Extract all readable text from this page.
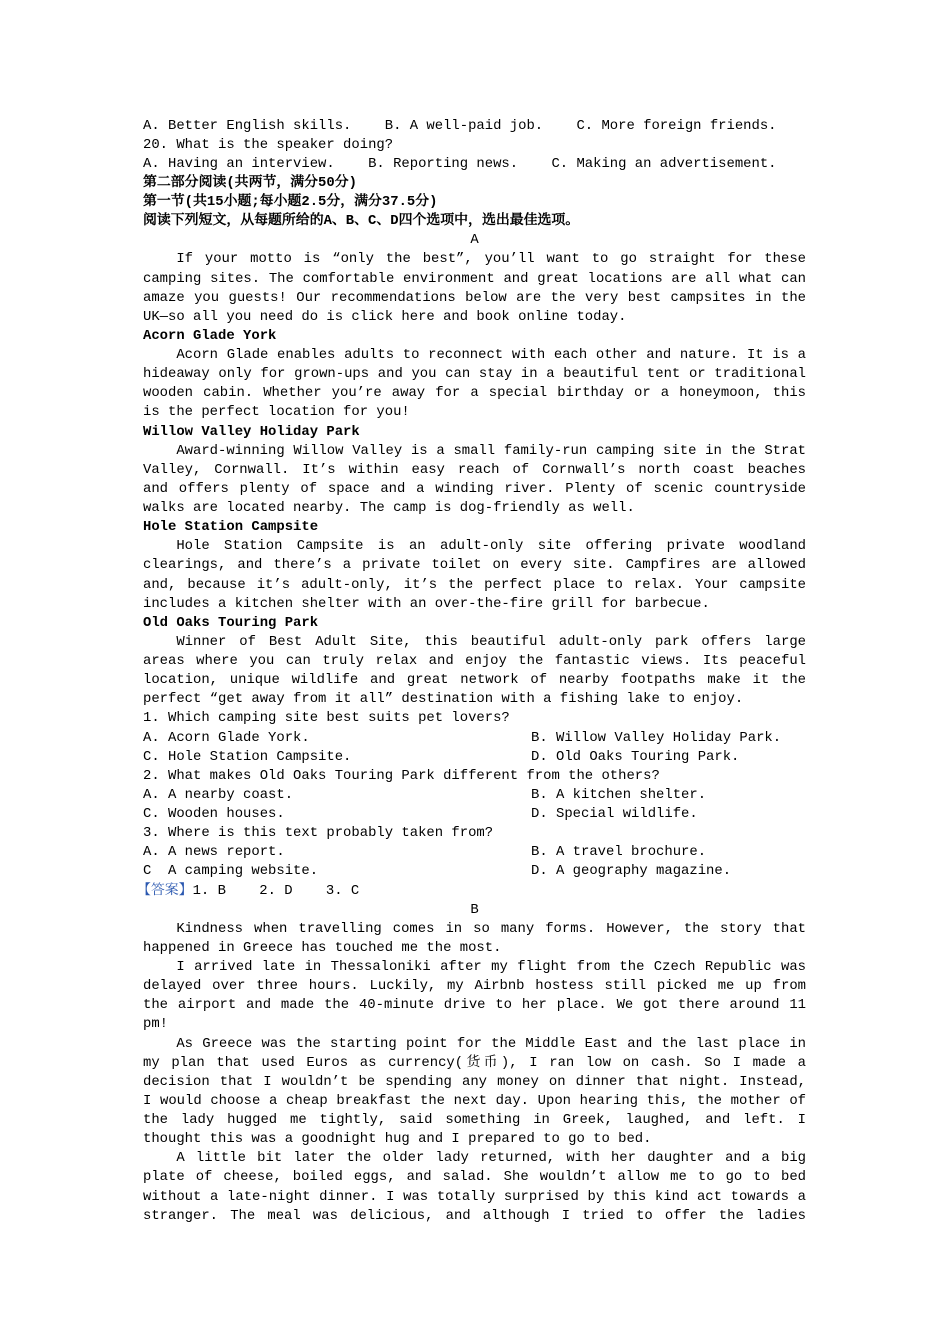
A. Better English skills. B. A well-paid job. C. More foreign friends.
20. What is the speaker doing?
A. Having an interview. B. Reporting news. C. Making an advertisement.
第二部分阅读(共两节，满分50分)
第一节(共15小题;每小题2.5分，满分37.5分)
阅读下列短文，从每题所给的A、B、C、D四个选项中，选出最佳选项。
A
If your motto is “only the best”, you’ll want to go straight for these
camping sites. The comfortable environment and great locations are all what can
amaze you guests! Our recommendations below are the very best campsites in the
UK—so all you need do is click here and book online today.
Acorn Glade York
Acorn Glade enables adults to reconnect with each other and nature. It is a
hideaway only for grown-ups and you can stay in a beautiful tent or traditional
wooden cabin. Whether you’re away for a special birthday or a honeymoon, this
is the perfect location for you!
Willow Valley Holiday Park
Award-winning Willow Valley is a small family-run camping site in the Strat
Valley, Cornwall. It’s within easy reach of Cornwall’s north coast beaches
and offers plenty of space and a winding river. Plenty of scenic countryside
walks are located nearby. The camp is dog-friendly as well.
Hole Station Campsite
Hole Station Campsite is an adult-only site offering private woodland
clearings, and there’s a private toilet on every site. Campfires are allowed
and, because it’s adult-only, it’s the perfect place to relax. Your campsite
includes a kitchen shelter with an over-the-fire grill for barbecue.
Old Oaks Touring Park
Winner of Best Adult Site, this beautiful adult-only park offers large
areas where you can truly relax and enjoy the fantastic views. Its peaceful
location, unique wildlife and great network of nearby footpaths make it the
perfect “get away from it all” destination with a fishing lake to enjoy.
1. Which camping site best suits pet lovers?
A. Acorn Glade York.	B. Willow Valley Holiday Park.
C. Hole Station Campsite.	D. Old Oaks Touring Park.
2. What makes Old Oaks Touring Park different from the others?
A. A nearby coast.	B. A kitchen shelter.
C. Wooden houses.	D. Special wildlife.
3. Where is this text probably taken from?
A. A news report.	B. A travel brochure.
C  A camping website.	D. A geography magazine.
【答案】1. B 2. D 3. C
B
Kindness when travelling comes in so many forms. However, the story that
happened in Greece has touched me the most.
I arrived late in Thessaloniki after my flight from the Czech Republic was
delayed over three hours. Luckily, my Airbnb hostess still picked me up from
the airport and made the 40-minute drive to her place. We got there around 11
pm!
As Greece was the starting point for the Middle East and the last place in
my plan that used Euros as currency(货币), I ran low on cash. So I made a
decision that I wouldn’t be spending any money on dinner that night. Instead,
I would choose a cheap breakfast the next day. Upon hearing this, the mother of
the lady hugged me tightly, said something in Greek, laughed, and left. I
thought this was a goodnight hug and I prepared to go to bed.
A little bit later the older lady returned, with her daughter and a big
plate of cheese, boiled eggs, and salad. She wouldn’t allow me to go to bed
without a late-night dinner. I was totally surprised by this kind act towards a
stranger. The meal was delicious, and although I tried to offer the ladies
